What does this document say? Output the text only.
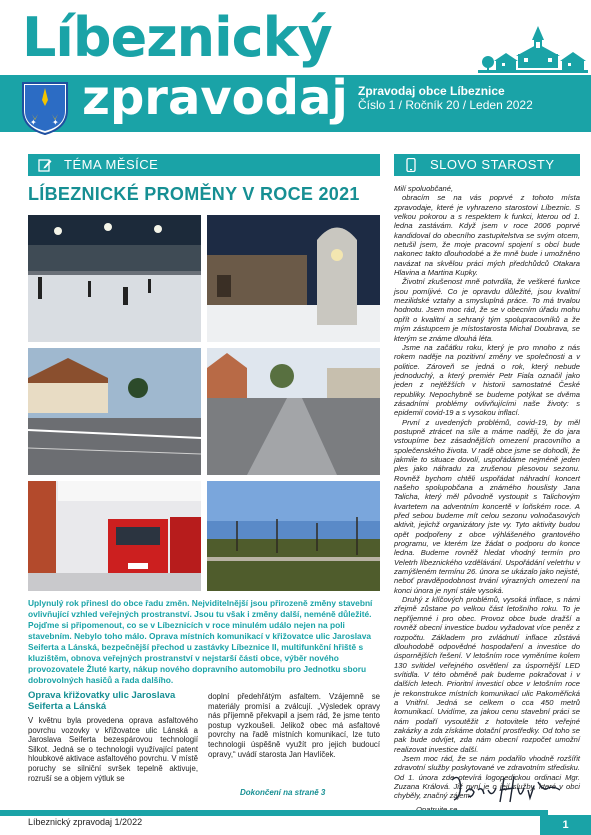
Líbeznický
zpravodaj Zpravodaj obce Líbeznice
Číslo 1 / Ročník 20 / Leden 2022
✦ ✦
TÉMA MĚSÍCE
LÍBEZNICKÉ PROMĚNY V ROCE 2021
Uplynulý rok přinesl do obce řadu změn. Nejviditelnější jsou přirozeně změny stavební ovlivňující vzhled veřejných prostranství. Jsou tu však i změny další, neméně důležité. Pojďme si připomenout, co se v Líbeznicích v roce minulém událo nejen na poli stavebním. Nebylo toho málo. Oprava místních komunikací v křižovatce ulic Jaroslava Seiferta a Lánská, bezpečnější přechod u zastávky Líbeznice II, multifunkční hřiště s kluzištěm, obnova veřejných prostranství v nejstarší části obce, výběr nového provozovatele Žluté karty, nákup nového dopravního automobilu pro Jednotku sboru dobrovolných hasičů a řada dalšího.
Oprava křižovatky ulic Jaroslava Seiferta a Lánská
V květnu byla provedena oprava asfaltového povrchu vozovky v křižovatce ulic Lánská a Jaroslava Seiferta bezespárovou technologií Silkot. Jedná se o technologii využívající patent hloubkové aktivace asfaltového povrchu. V místě poruchy se silniční svršek tepelně aktivuje, rozruší se a objem výtluk se
doplní předehřátým asfaltem. Vzájemně se materiály promísí a zválcují. „Výsledek opravy nás příjemně překvapil a jsem rád, že jsme tento postup vyzkoušeli. Jelikož obec má asfaltové povrchy na řadě místních komunikací, lze tuto technologii úspěšně využít pro jejich budoucí opravy,“ uvádí starosta Jan Havlíček.
Dokončení na straně 3
SLOVO STAROSTY

Milí spoluobčané,

obracím se na vás poprvé z tohoto místa zpravodaje, které je vyhrazeno starostovi Líbeznic. S velkou pokorou a s respektem k funkci, kterou od 1. ledna zastávám. Když jsem v roce 2006 poprvé kandidoval do obecního zastupitelstva se svým otcem, netušil jsem, že moje pracovní spojení s obcí bude nakonec takto dlouhodobé a že mně bude i umožněno navázat na skvělou práci mých předchůdců Otakara Hlavina a Martina Kupky.

Životní zkušenost mně potvrdila, že veškeré funkce jsou pomíjivé. Co je opravdu důležité, jsou kvalitní mezilidské vztahy a smysluplná práce. To má trvalou hodnotu. Jsem moc rád, že se v obecním úřadu mohu opřít o kvalitní a sehraný tým spolupracovníků a že mým zástupcem je místostarosta Michal Doubrava, se kterým se známe dlouhá léta.

Jsme na začátku roku, který je pro mnoho z nás rokem naděje na pozitivní změny ve společnosti a v politice. Zároveň se jedná o rok, který nebude jednoduchý, a který premiér Petr Fiala označil jako jeden z nejtěžších v historii samostatné České republiky. Nepochybně se budeme potýkat se dvěma zásadními problémy ovlivňujícími naše životy: s epidemií covid-19 a s vysokou inflací.

První z uvedených problémů, covid-19, by měl postupně ztrácet na síle a máme naději, že do jara vstoupíme bez zásadnějších omezení pracovního a společenského života. V radě obce jsme se dohodli, že jakmile to situace dovolí, uspořádáme nejméně jeden ples jako náhradu za zrušenou plesovou sezonu. Rovněž bychom chtěli uspořádat náhradní koncert našeho spolupobčana a známého houslisty Jana Talicha, který měl původně vystoupit s Talichovým kvartetem na adventním koncertě v loňském roce. A před sebou budeme mít celou sezonu volnočasových aktivit, jejichž organizátory jste vy. Tyto aktivity budou opět podpořeny z obce výhlášeného grantového programu, ve kterém lze žádat o podporu do konce ledna. Budeme rovněž hledat vhodný termín pro Veletrh líbeznického vzdělávání. Uspořádání veletrhu v zamýšleném termínu 26. února se ukázalo jako nejisté, neboť pravděpodobnost trvání výrazných omezení na konci února je nyní stále vysoká.

Druhý z klíčových problémů, vysoká inflace, s námi zřejmě zůstane po velkou část letošního roku. To je nepříjemné i pro obec. Provoz obce bude dražší a rovněž obecní investice budou vyžadovat více peněz z rozpočtu. Základem pro zvládnutí inflace zůstává dlouhodobě odpovědné hospodaření a investice do úspornějších řešení. V letošním roce vyměníme kolem 130 svítidel veřejného osvětlení za úspornější LED svítidla. V této obměně pak budeme pokračovat i v dalších letech. Prioritní investicí obce v letošním roce je rekonstrukce místních komunikací ulic Pakoměřická a Vnitřní. Jedná se celkem o cca 450 metrů komunikací. Uvidíme, za jakou cenu stavební práci se nám podaří vysoutěžit z hotovitele této veřejné zakázky a zda získáme dotační prostředky. Od toho se pak bude odvíjet, zda nám obecní rozpočet umožní realizovat investice další.

Jsem moc rád, že se nám podařilo vhodně rozšířit zdravotní služby poskytované ve zdravotním středisku. Od 1. února zde otevírá logopedickou ordinaci Mgr. Zuzana Králová. Již nyní je o její služby, které v obci chyběly, značný zájem.

Líbeznický zpravodaj 1/2022	1
